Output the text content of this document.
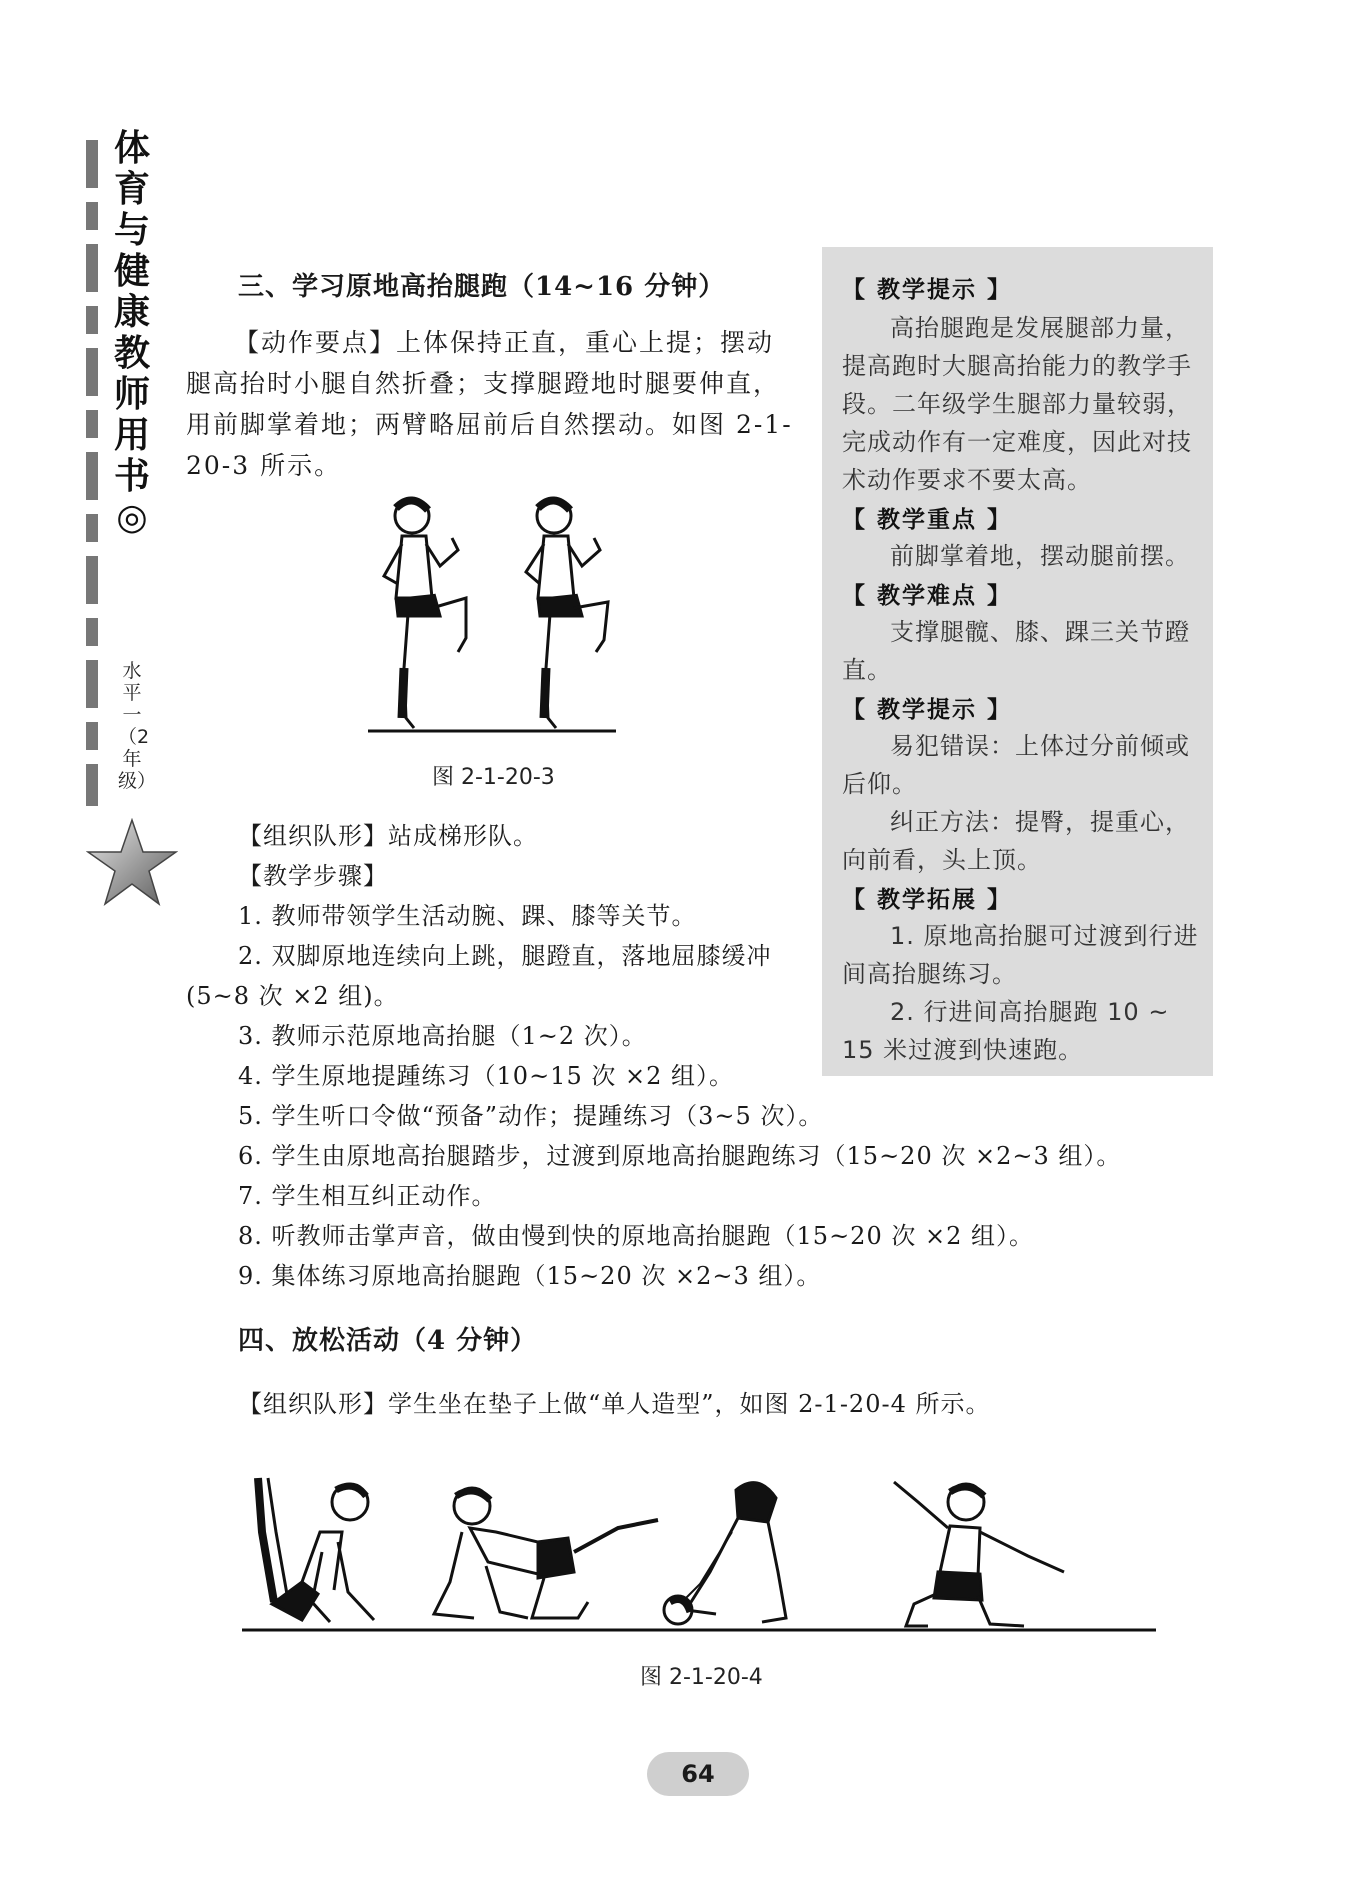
体育与健康教师用书◎
水平一（2年级）
三、学习原地高抬腿跑（14~16 分钟）
【动作要点】上体保持正直，重心上提；摆动腿高抬时小腿自然折叠；支撑腿蹬地时腿要伸直，用前脚掌着地；两臂略屈前后自然摆动。如图 2-1-20-3 所示。
图 2-1-20-3
【组织队形】站成梯形队。
【教学步骤】
1. 教师带领学生活动腕、踝、膝等关节。
2. 双脚原地连续向上跳，腿蹬直，落地屈膝缓冲
(5~8 次 ×2 组)。
3. 教师示范原地高抬腿（1~2 次）。
4. 学生原地提踵练习（10~15 次 ×2 组）。
5. 学生听口令做“预备”动作；提踵练习（3~5 次）。
6. 学生由原地高抬腿踏步，过渡到原地高抬腿跑练习（15~20 次 ×2~3 组）。
7. 学生相互纠正动作。
8. 听教师击掌声音，做由慢到快的原地高抬腿跑（15~20 次 ×2 组）。
9. 集体练习原地高抬腿跑（15~20 次 ×2~3 组）。
四、放松活动（4 分钟）
【组织队形】学生坐在垫子上做“单人造型”，如图 2-1-20-4 所示。
图 2-1-20-4
【 教学提示 】
高抬腿跑是发展腿部力量，提高跑时大腿高抬能力的教学手段。二年级学生腿部力量较弱，完成动作有一定难度，因此对技术动作要求不要太高。
【 教学重点 】
前脚掌着地，摆动腿前摆。
【 教学难点 】
支撑腿髋、膝、踝三关节蹬直。
【 教学提示 】
易犯错误：上体过分前倾或后仰。
纠正方法：提臀，提重心，向前看，头上顶。
【 教学拓展 】
1. 原地高抬腿可过渡到行进间高抬腿练习。
2. 行进间高抬腿跑 10 ~ 15 米过渡到快速跑。
64
